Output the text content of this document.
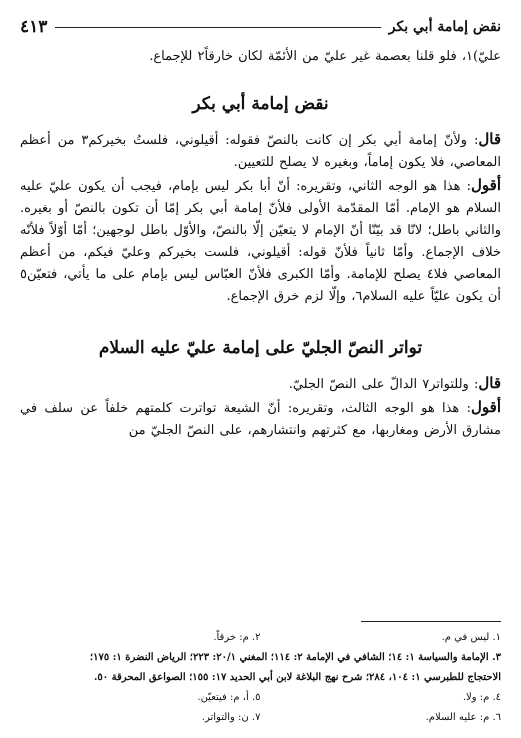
نقض إمامة أبي بكر
٤١٣

عليّ)١، فلو قلنا بعصمة غير عليّ من الأئمّة لكان خارقاً٢ للإجماع.

نقض إمامة أبي بكر

قال: ولأنّ إمامة أبي بكر إن كانت بالنصّ فقوله: أقيلوني، فلستُ بخيركم٣ من أعظم المعاصي، فلا يكون إماماً، وبغيره لا يصلح للتعيين.

أقول: هذا هو الوجه الثاني، وتقريره: أنّ أبا بكر ليس بإمام، فيجب أن يكون عليّ عليه السلام هو الإمام. أمّا المقدّمة الأولى فلأنّ إمامة أبي بكر إمّا أن تكون بالنصّ أو بغيره. والثاني باطل؛ لانّا قد بيّنّا أنّ الإمام لا يتعيّن إلّا بالنصّ، والأوّل باطل لوجهين؛ أمّا أوّلاً فلأنّه خلاف الإجماع. وأمّا ثانياً فلأنّ قوله: أقيلوني، فلست بخيركم وعليّ فيكم، من أعظم المعاصي فلا٤ يصلح للإمامة. وأمّا الكبرى فلأنّ العبّاس ليس بإمام على ما يأتي، فتعيّن٥ أن يكون عليّاً عليه السلام٦، وإلّا لزم خرق الإجماع.

تواتر النصّ الجليّ على إمامة عليّ عليه السلام

قال: وللتواتر٧ الدالّ على النصّ الجليّ.

أقول: هذا هو الوجه الثالث، وتقريره: أنّ الشيعة تواترت كلمتهم خلفاً عن سلف في مشارق الأرض ومغاربها، مع كثرتهم وانتشارهم، على النصّ الجليّ من

١. ليس في م.
٢. م: خرقاً.
٣. الإمامة والسياسة ١: ١٤؛ الشافي في الإمامة ٢: ١١٤؛ المغني ٢٠/١: ٢٢٣؛ الرياض النضرة ١: ١٧٥؛
الاحتجاج للطبرسي ١: ١٠٤، ٢٨٤؛ شرح نهج البلاغة لابن أبي الحديد ١٧: ١٥٥؛ الصواعق المحرقة ٥٠.
٤. م: ولا.
٥. أ، م: فيتعيّن.
٦. م: عليه السلام.
٧. ن: والتواتر.
